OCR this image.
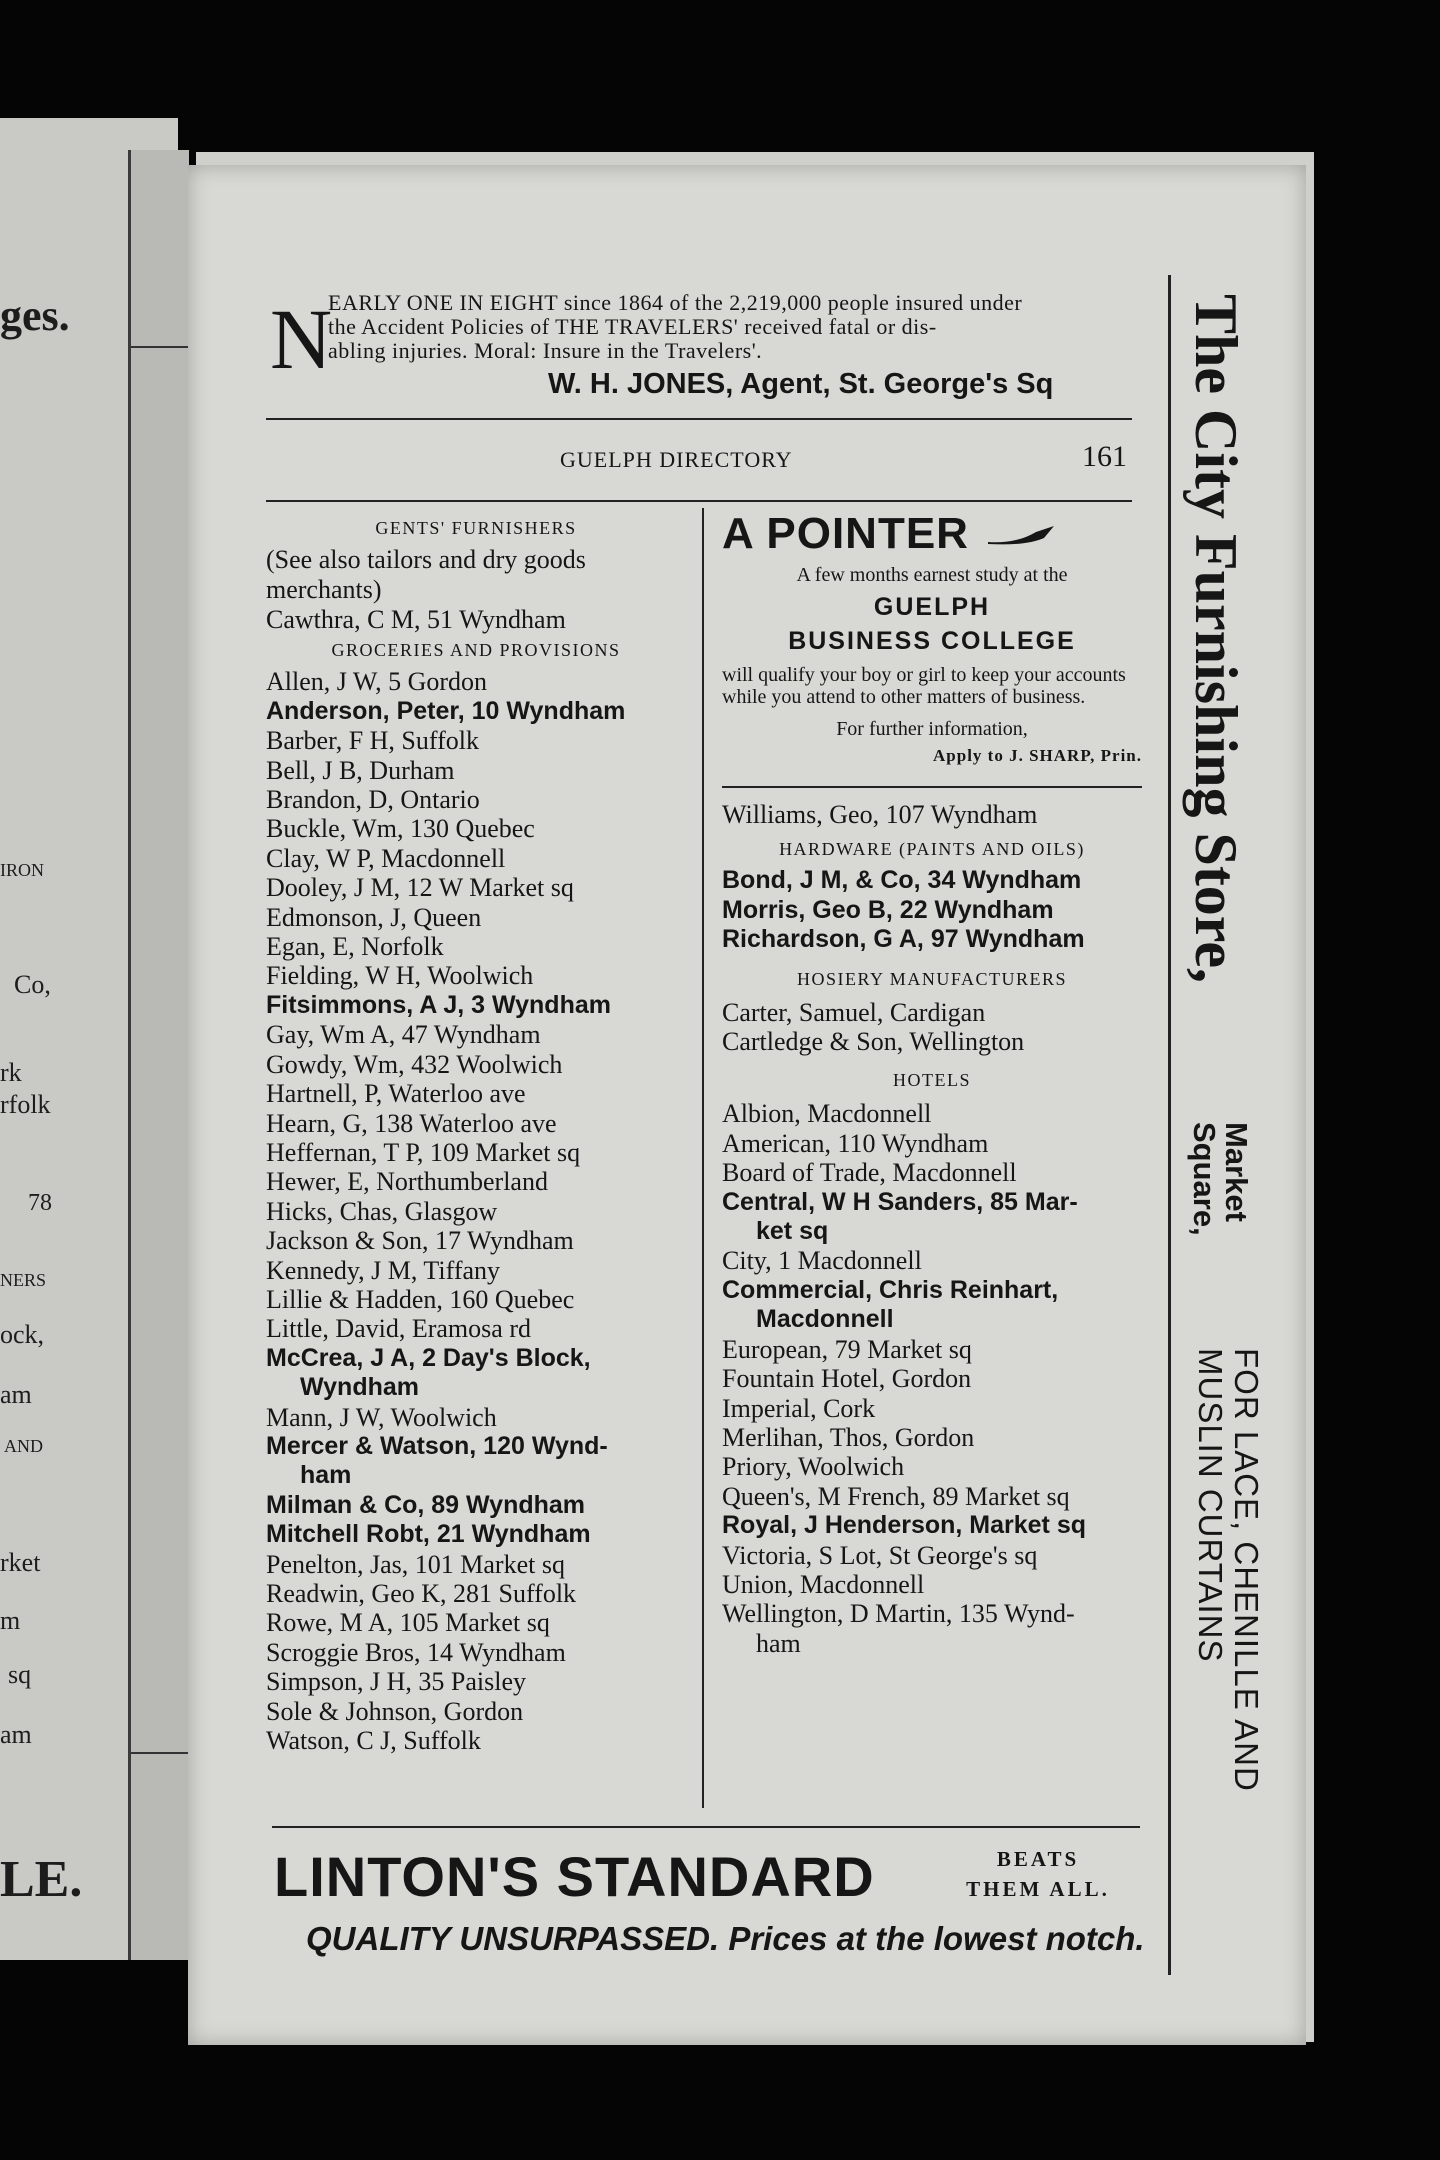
ges.
IRON
Co,
rk
rfolk
78
NERS
ock,
am
AND
rket
m
sq
am
LE.
N
EARLY ONE IN EIGHT since 1864 of the 2,219,000 people insured under
the Accident Policies of THE TRAVELERS' received fatal or dis-
abling injuries. Moral: Insure in the Travelers'.
W. H. JONES, Agent, St. George's Sq
GUELPH DIRECTORY	161
GENTS' FURNISHERS
(See also tailors and dry goods merchants)
Cawthra, C M, 51 Wyndham
GROCERIES AND PROVISIONS
Allen, J W, 5 Gordon
Anderson, Peter, 10 Wyndham
Barber, F H, Suffolk
Bell, J B, Durham
Brandon, D, Ontario
Buckle, Wm, 130 Quebec
Clay, W P, Macdonnell
Dooley, J M, 12 W Market sq
Edmonson, J, Queen
Egan, E, Norfolk
Fielding, W H, Woolwich
Fitsimmons, A J, 3 Wyndham
Gay, Wm A, 47 Wyndham
Gowdy, Wm, 432 Woolwich
Hartnell, P, Waterloo ave
Hearn, G, 138 Waterloo ave
Heffernan, T P, 109 Market sq
Hewer, E, Northumberland
Hicks, Chas, Glasgow
Jackson & Son, 17 Wyndham
Kennedy, J M, Tiffany
Lillie & Hadden, 160 Quebec
Little, David, Eramosa rd
McCrea, J A, 2 Day's Block,
Wyndham
Mann, J W, Woolwich
Mercer & Watson, 120 Wynd-
ham
Milman & Co, 89 Wyndham
Mitchell Robt, 21 Wyndham
Penelton, Jas, 101 Market sq
Readwin, Geo K, 281 Suffolk
Rowe, M A, 105 Market sq
Scroggie Bros, 14 Wyndham
Simpson, J H, 35 Paisley
Sole & Johnson, Gordon
Watson, C J, Suffolk
A POINTER
A few months earnest study at the
GUELPH
BUSINESS COLLEGE
will qualify your boy or girl to keep your accounts while you attend to other matters of business.
For further information,
Apply to J. SHARP, Prin.
Williams, Geo, 107 Wyndham
HARDWARE (PAINTS AND OILS)
Bond, J M, & Co, 34 Wyndham
Morris, Geo B, 22 Wyndham
Richardson, G A, 97 Wyndham
HOSIERY MANUFACTURERS
Carter, Samuel, Cardigan
Cartledge & Son, Wellington
HOTELS
Albion, Macdonnell
American, 110 Wyndham
Board of Trade, Macdonnell
Central, W H Sanders, 85 Mar-
ket sq
City, 1 Macdonnell
Commercial, Chris Reinhart,
Macdonnell
European, 79 Market sq
Fountain Hotel, Gordon
Imperial, Cork
Merlihan, Thos, Gordon
Priory, Woolwich
Queen's, M French, 89 Market sq
Royal, J Henderson, Market sq
Victoria, S Lot, St George's sq
Union, Macdonnell
Wellington, D Martin, 135 Wynd-
ham
LINTON'S STANDARD	BEATS
THEM ALL.
QUALITY UNSURPASSED. Prices at the lowest notch.
The City Furnishing Store,
Market
Square,
FOR LACE, CHENILLE AND
MUSLIN CURTAINS
